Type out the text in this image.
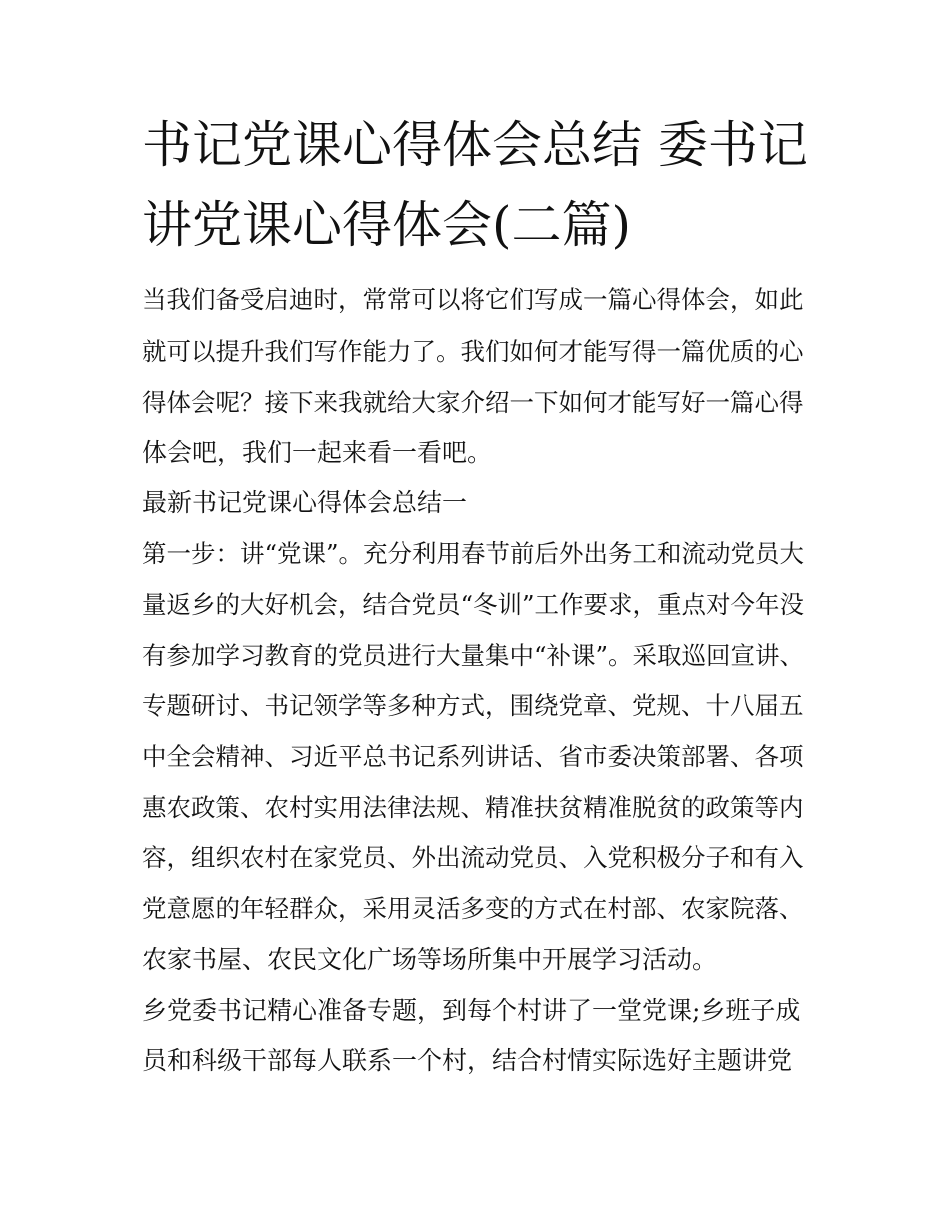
书记党课心得体会总结 委书记
讲党课心得体会(二篇)
当我们备受启迪时，常常可以将它们写成一篇心得体会，如此
就可以提升我们写作能力了。我们如何才能写得一篇优质的心
得体会呢？接下来我就给大家介绍一下如何才能写好一篇心得
体会吧，我们一起来看一看吧。
最新书记党课心得体会总结一
第一步：讲“党课”。充分利用春节前后外出务工和流动党员大
量返乡的大好机会，结合党员“冬训”工作要求，重点对今年没
有参加学习教育的党员进行大量集中“补课”。采取巡回宣讲、
专题研讨、书记领学等多种方式，围绕党章、党规、十八届五
中全会精神、习近平总书记系列讲话、省市委决策部署、各项
惠农政策、农村实用法律法规、精准扶贫精准脱贫的政策等内
容，组织农村在家党员、外出流动党员、入党积极分子和有入
党意愿的年轻群众，采用灵活多变的方式在村部、农家院落、
农家书屋、农民文化广场等场所集中开展学习活动。
乡党委书记精心准备专题，到每个村讲了一堂党课;乡班子成
员和科级干部每人联系一个村，结合村情实际选好主题讲党
